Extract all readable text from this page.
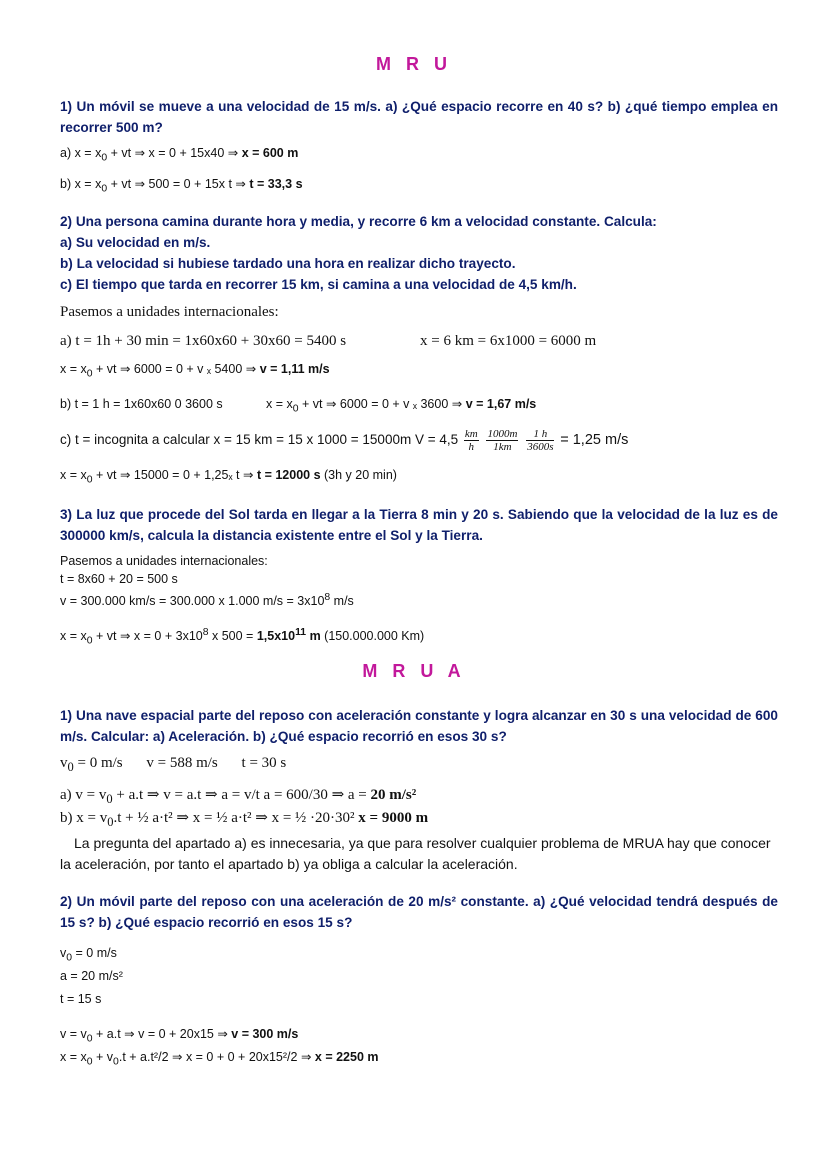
M R U
1) Un móvil se mueve a una velocidad de 15 m/s. a) ¿Qué espacio recorre en 40 s? b) ¿qué tiempo emplea en recorrer 500 m?
a) $x = x_0$ + vt ⇒ x = 0 + 15x40 ⇒ x = 600 m
b) $x = x_0$ + vt ⇒ 500 = 0 + 15x t ⇒ t = 33,3 s
2) Una persona camina durante hora y media, y recorre 6 km a velocidad constante. Calcula:
a) Su velocidad en m/s.
b) La velocidad si hubiese tardado una hora en realizar dicho trayecto.
c) El tiempo que tarda en recorrer 15 km, si camina a una velocidad de 4,5 km/h.
Pasemos a unidades internacionales:
a) t = 1h + 30 min = 1x60x60 + 30x60 = 5400 s	x = 6 km = 6x1000 = 6000 m
$x = x_0$ + vt ⇒ 6000 = 0 + v ₓ 5400 ⇒ v = 1,11 m/s
b) t = 1 h = 1x60x60 0 3600 s	$x = x_0$ + vt ⇒ 6000 = 0 + v ₓ 3600 ⇒ v = 1,67 m/s
c) t = incognita a calcular x = 15 km = 15 x 1000 = 15000m $V = 4,5 \frac{km}{h}$
$\frac{1000m}{1km}$
$\frac{1 h}{3600s} = 1,25$ m/s
$x = x_0$ + vt ⇒ 15000 = 0 + 1,25ₓ t ⇒ t = 12000 s (3h y 20 min)
3) La luz que procede del Sol tarda en llegar a la Tierra 8 min y 20 s. Sabiendo que la velocidad de la luz es de 300000 km/s, calcula la distancia existente entre el Sol y la Tierra.
Pasemos a unidades internacionales:
t = 8x60 + 20 = 500 s
v = 300.000 km/s = 300.000 x 1.000 $m/s = 3x10^8$ m/s
$x = x_0$ + vt ⇒ $x = 0 + 3x10^8$ x $500 = 1,5x10^{11}$ m (150.000.000 Km)
M R U A
1) Una nave espacial parte del reposo con aceleración constante y logra alcanzar en 30 s una velocidad de 600 m/s. Calcular: a) Aceleración. b) ¿Qué espacio recorrió en esos 30 s?
$v_0 = 0$ m/s v = 588 m/s t = 30 s
a) $v = v_0 + a.t$ ⇒ v = a.t ⇒ a = v/t a = 600/30 ⇒ a = 20 m/s²
b) $x = v_0.t$ + ½ a·t² ⇒ x = ½ a·t² ⇒ x = ½ ·20·30² x = 9000 m
La pregunta del apartado a) es innecesaria, ya que para resolver cualquier problema de MRUA hay que conocer la aceleración, por tanto el apartado b) ya obliga a calcular la aceleración.
2) Un móvil parte del reposo con una aceleración de 20 m/s² constante. a) ¿Qué velocidad tendrá después de 15 s? b) ¿Qué espacio recorrió en esos 15 s?
$v_0 = 0$ m/s
a = 20 m/s²
t = 15 s
$v = v_0 + a.t$ ⇒ v = 0 + 20x15 ⇒ v = 300 m/s
$x = x_0 + v_0.t + a.t^2/2$ ⇒ x = 0 + 0 + 20x15²/2 ⇒ x = 2250 m
